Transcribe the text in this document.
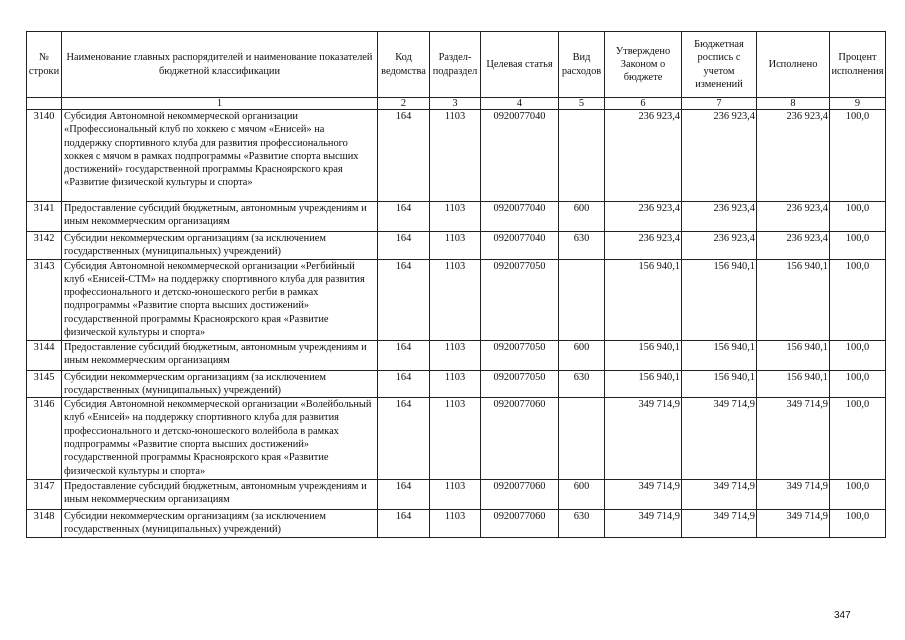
№ строки	Наименование главных распорядителей и наименование показателей бюджетной классификации	Код ведомства	Раздел-подраздел	Целевая статья	Вид расходов	Утверждено Законом о бюджете	Бюджетная роспись с учетом изменений	Исполнено	Процент исполнения
	1	2	3	4	5	6	7	8	9
3140	Субсидия Автономной некоммерческой организации «Профессиональный клуб по хоккею с мячом «Енисей» на поддержку спортивного клуба для развития профессионального хоккея с мячом в рамках подпрограммы «Развитие спорта высших достижений» государственной программы Красноярского края «Развитие физической культуры и спорта»	164	1103	0920077040		236 923,4	236 923,4	236 923,4	100,0
3141	Предоставление субсидий бюджетным, автономным учреждениям и иным некоммерческим организациям	164	1103	0920077040	600	236 923,4	236 923,4	236 923,4	100,0
3142	Субсидии некоммерческим организациям (за исключением государственных (муниципальных) учреждений)	164	1103	0920077040	630	236 923,4	236 923,4	236 923,4	100,0
3143	Субсидия Автономной некоммерческой организации «Регбийный клуб «Енисей-СТМ» на поддержку спортивного клуба для развития профессионального и детско-юношеского регби в рамках подпрограммы «Развитие спорта высших достижений» государственной программы Красноярского края «Развитие физической культуры и спорта»	164	1103	0920077050		156 940,1	156 940,1	156 940,1	100,0
3144	Предоставление субсидий бюджетным, автономным учреждениям и иным некоммерческим организациям	164	1103	0920077050	600	156 940,1	156 940,1	156 940,1	100,0
3145	Субсидии некоммерческим организациям (за исключением государственных (муниципальных) учреждений)	164	1103	0920077050	630	156 940,1	156 940,1	156 940,1	100,0
3146	Субсидия Автономной некоммерческой организации «Волейбольный клуб «Енисей» на поддержку спортивного клуба для развития профессионального и детско-юношеского волейбола в рамках подпрограммы «Развитие спорта высших достижений» государственной программы Красноярского края «Развитие физической культуры и спорта»	164	1103	0920077060		349 714,9	349 714,9	349 714,9	100,0
3147	Предоставление субсидий бюджетным, автономным учреждениям и иным некоммерческим организациям	164	1103	0920077060	600	349 714,9	349 714,9	349 714,9	100,0
3148	Субсидии некоммерческим организациям (за исключением государственных (муниципальных) учреждений)	164	1103	0920077060	630	349 714,9	349 714,9	349 714,9	100,0
347
